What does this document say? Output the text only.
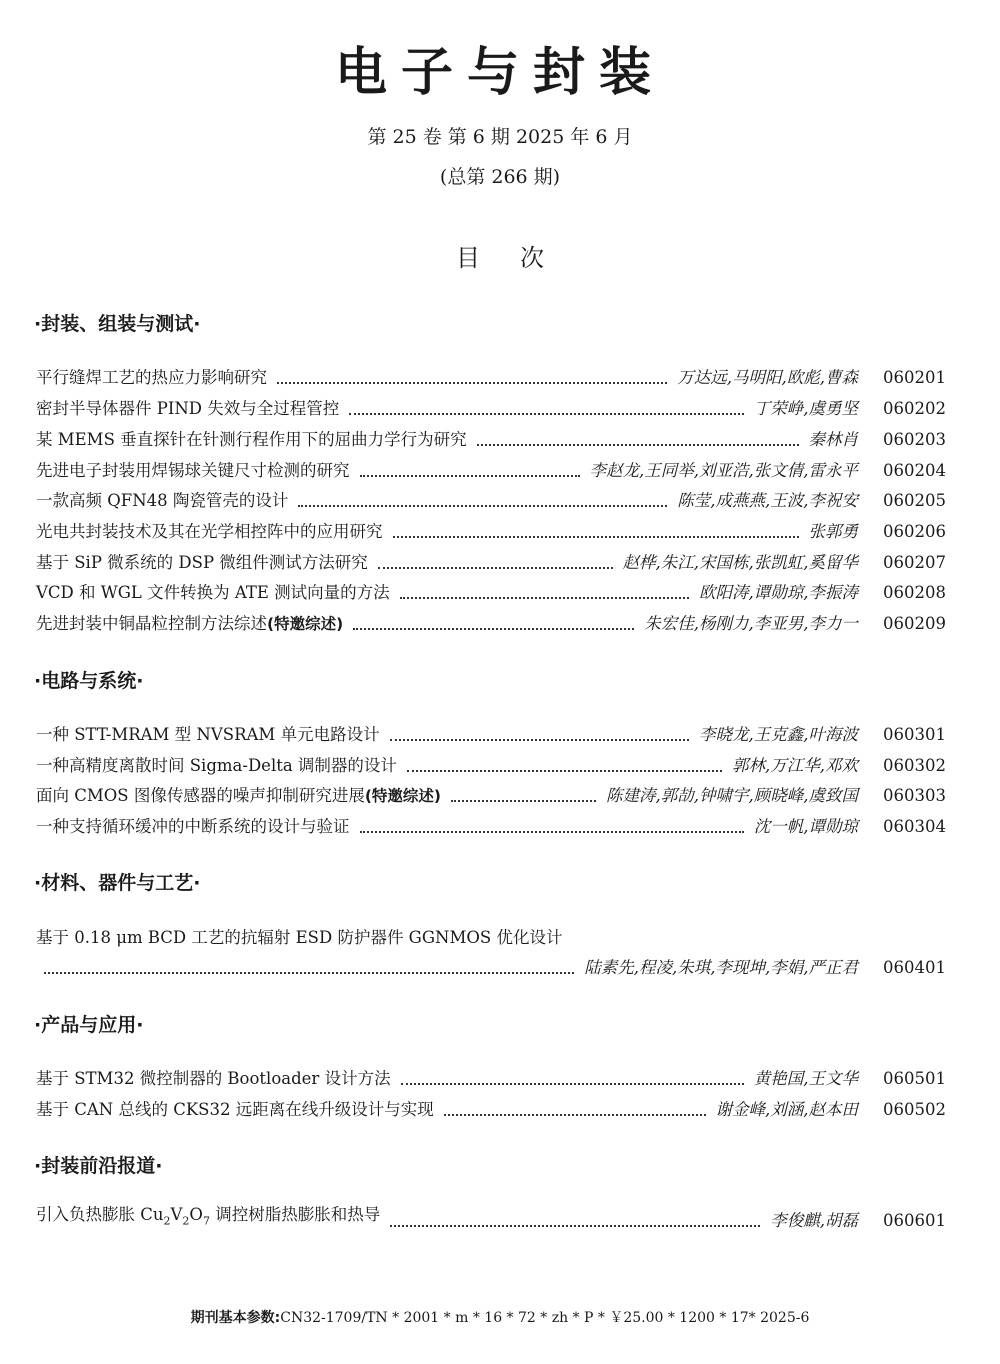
电子与封装
第 25 卷 第 6 期 2025 年 6 月
(总第 266 期)
目次
·封装、组装与测试·
平行缝焊工艺的热应力影响研究	万达远,马明阳,欧彪,曹森	060201
密封半导体器件 PIND 失效与全过程管控	丁荣峥,虞勇坚	060202
某 MEMS 垂直探针在针测行程作用下的屈曲力学行为研究	秦林肖	060203
先进电子封装用焊锡球关键尺寸检测的研究	李赵龙,王同举,刘亚浩,张文倩,雷永平	060204
一款高频 QFN48 陶瓷管壳的设计	陈莹,成燕燕,王波,李祝安	060205
光电共封装技术及其在光学相控阵中的应用研究	张郭勇	060206
基于 SiP 微系统的 DSP 微组件测试方法研究	赵桦,朱江,宋国栋,张凯虹,奚留华	060207
VCD 和 WGL 文件转换为 ATE 测试向量的方法	欧阳涛,谭勋琼,李振涛	060208
先进封装中铜晶粒控制方法综述(特邀综述)	朱宏佳,杨刚力,李亚男,李力一	060209
·电路与系统·
一种 STT-MRAM 型 NVSRAM 单元电路设计	李晓龙,王克鑫,叶海波	060301
一种高精度离散时间 Sigma-Delta 调制器的设计	郭林,万江华,邓欢	060302
面向 CMOS 图像传感器的噪声抑制研究进展(特邀综述)	陈建涛,郭劼,钟啸宇,顾晓峰,虞致国	060303
一种支持循环缓冲的中断系统的设计与验证	沈一帆,谭勋琼	060304
·材料、器件与工艺·
基于 0.18 μm BCD 工艺的抗辐射 ESD 防护器件 GGNMOS 优化设计
陆素先,程凌,朱琪,李现坤,李娟,严正君	060401
·产品与应用·
基于 STM32 微控制器的 Bootloader 设计方法	黄艳国,王文华	060501
基于 CAN 总线的 CKS32 远距离在线升级设计与实现	谢金峰,刘涵,赵本田	060502
·封装前沿报道·
引入负热膨胀 $Cu_2V_2O_7$ 调控树脂热膨胀和热导	李俊麒,胡磊	060601
期刊基本参数:CN32-1709/TN * 2001 * m * 16 * 72 * zh * P * ￥25.00 * 1200 * 17* 2025-6
